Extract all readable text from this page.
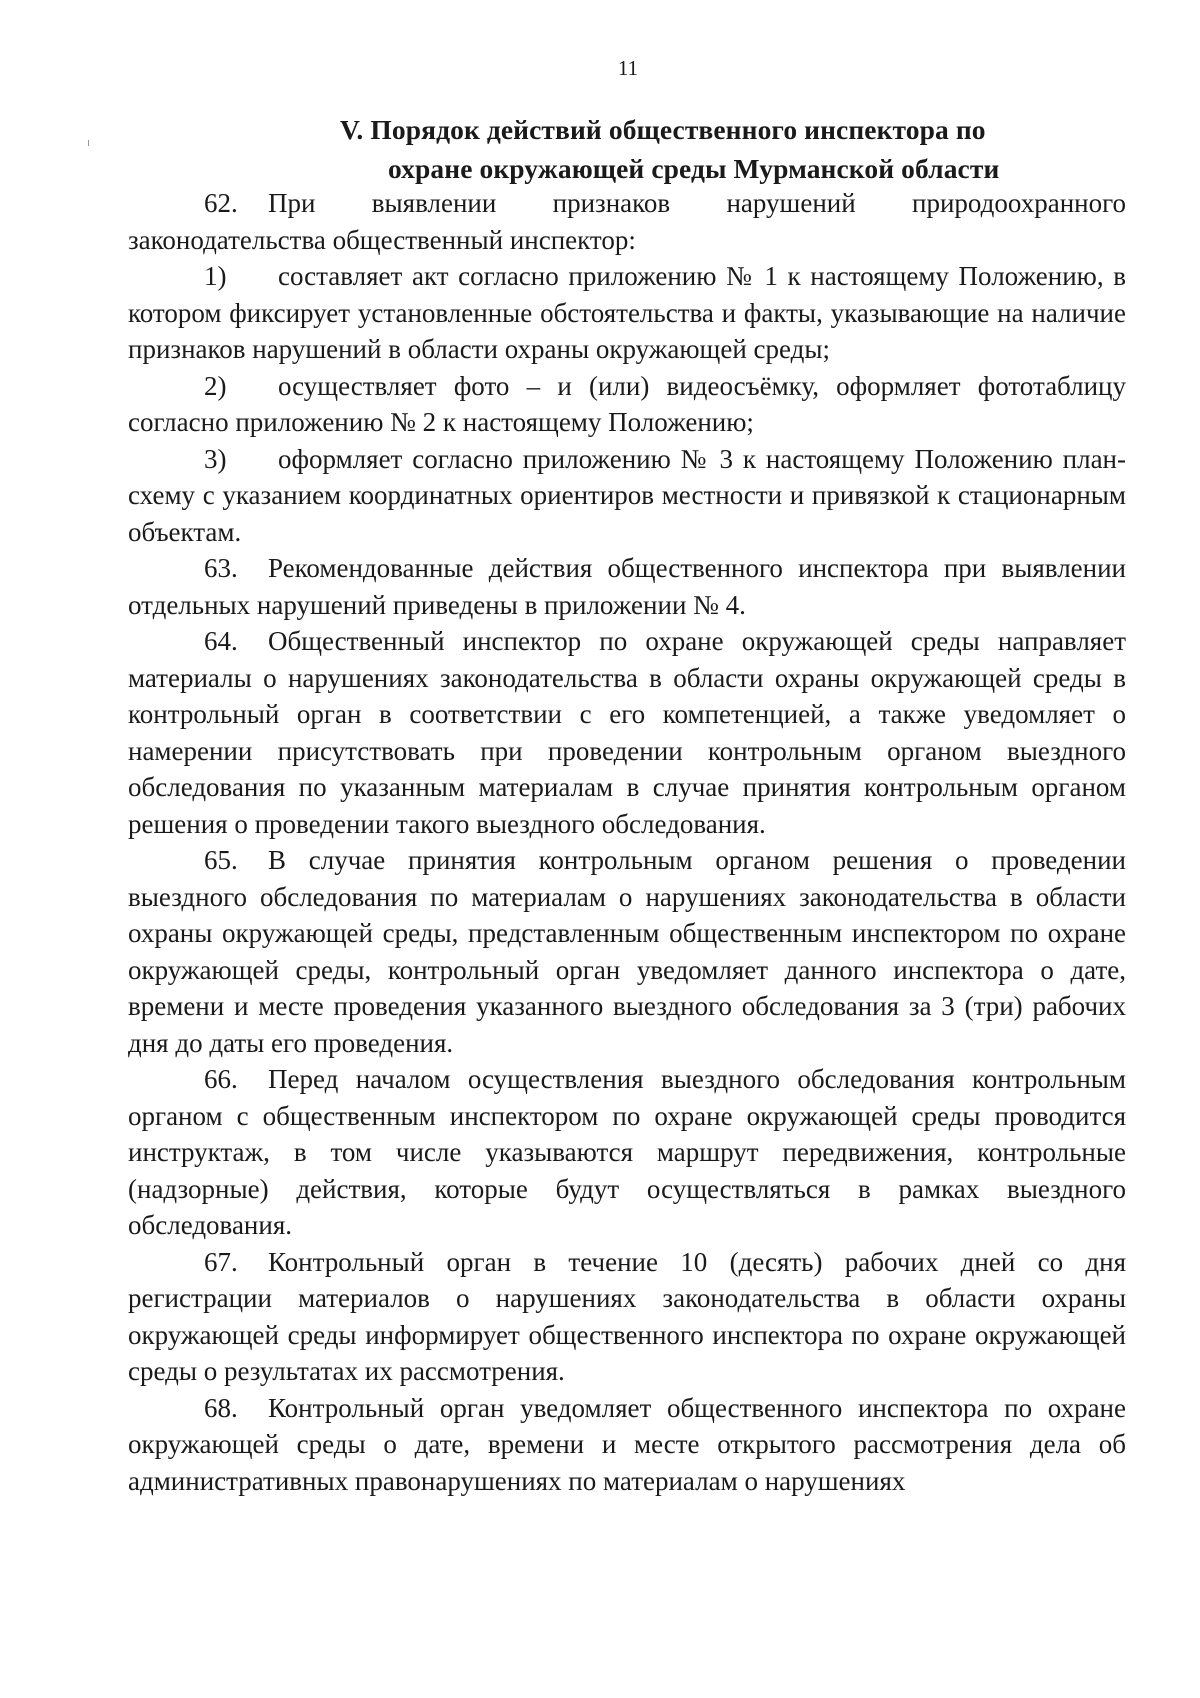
11
V. Порядок действий общественного инспектора по
охране окружающей среды Мурманской области

62. При выявлении признаков нарушений природоохранного законодательства общественный инспектор:

1) составляет акт согласно приложению № 1 к настоящему Положению, в котором фиксирует установленные обстоятельства и факты, указывающие на наличие признаков нарушений в области охраны окружающей среды;

2) осуществляет фото – и (или) видеосъёмку, оформляет фототаблицу согласно приложению № 2 к настоящему Положению;

3) оформляет согласно приложению № 3 к настоящему Положению план-схему с указанием координатных ориентиров местности и привязкой к стационарным объектам.

63. Рекомендованные действия общественного инспектора при выявлении отдельных нарушений приведены в приложении № 4.

64. Общественный инспектор по охране окружающей среды направляет материалы о нарушениях законодательства в области охраны окружающей среды в контрольный орган в соответствии с его компетенцией, а также уведомляет о намерении присутствовать при проведении контрольным органом выездного обследования по указанным материалам в случае принятия контрольным органом решения о проведении такого выездного обследования.

65. В случае принятия контрольным органом решения о проведении выездного обследования по материалам о нарушениях законодательства в области охраны окружающей среды, представленным общественным инспектором по охране окружающей среды, контрольный орган уведомляет данного инспектора о дате, времени и месте проведения указанного выездного обследования за 3 (три) рабочих дня до даты его проведения.

66. Перед началом осуществления выездного обследования контрольным органом с общественным инспектором по охране окружающей среды проводится инструктаж, в том числе указываются маршрут передвижения, контрольные (надзорные) действия, которые будут осуществляться в рамках выездного обследования.

67. Контрольный орган в течение 10 (десять) рабочих дней со дня регистрации материалов о нарушениях законодательства в области охраны окружающей среды информирует общественного инспектора по охране окружающей среды о результатах их рассмотрения.

68. Контрольный орган уведомляет общественного инспектора по охране окружающей среды о дате, времени и месте открытого рассмотрения дела об административных правонарушениях по материалам о нарушениях
